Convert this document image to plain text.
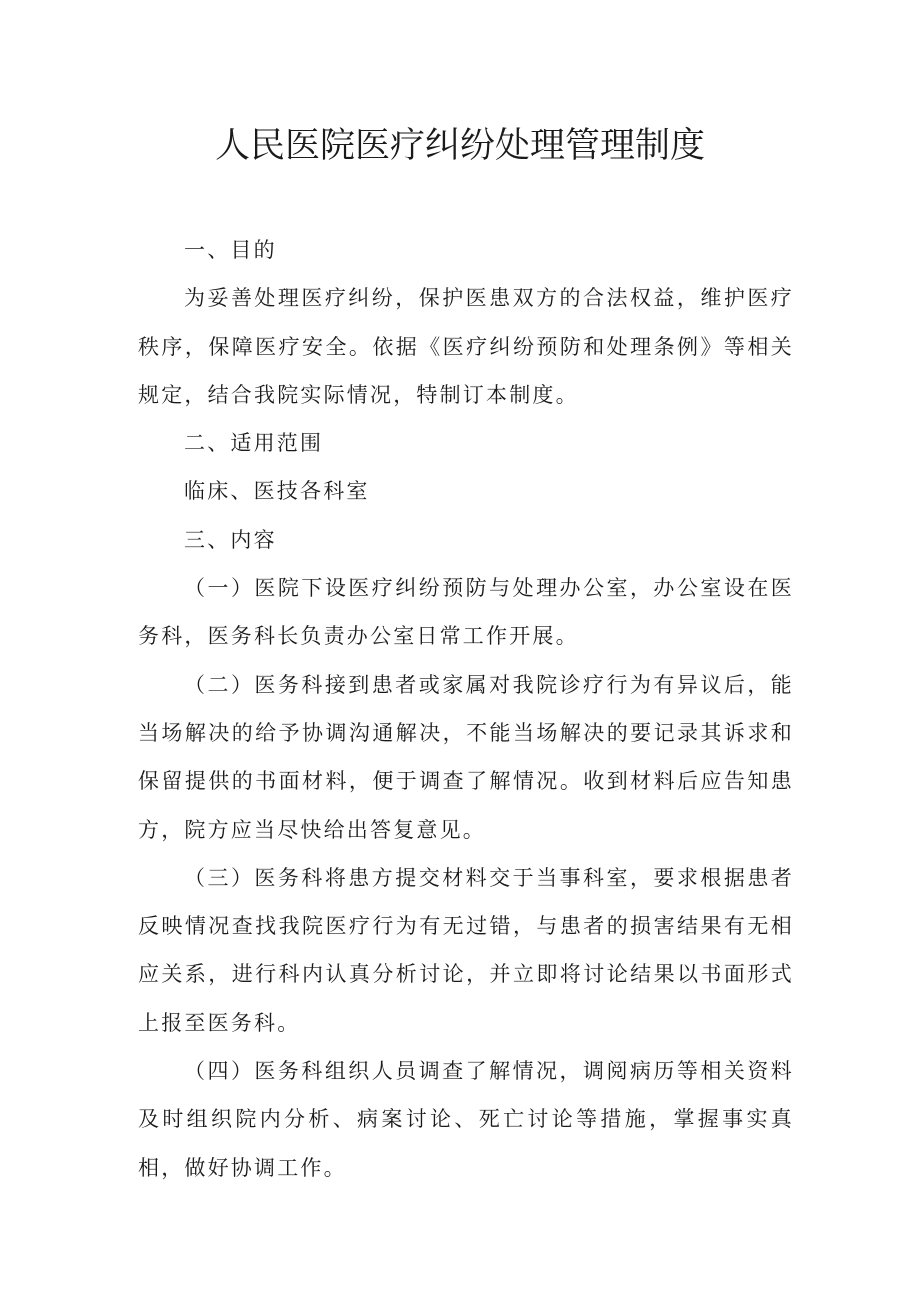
人民医院医疗纠纷处理管理制度

一、目的

为妥善处理医疗纠纷，保护医患双方的合法权益，维护医疗秩序，保障医疗安全。依据《医疗纠纷预防和处理条例》等相关规定，结合我院实际情况，特制订本制度。

二、适用范围

临床、医技各科室

三、内容

（一）医院下设医疗纠纷预防与处理办公室，办公室设在医务科，医务科长负责办公室日常工作开展。

（二）医务科接到患者或家属对我院诊疗行为有异议后，能当场解决的给予协调沟通解决，不能当场解决的要记录其诉求和保留提供的书面材料，便于调查了解情况。收到材料后应告知患方，院方应当尽快给出答复意见。

（三）医务科将患方提交材料交于当事科室，要求根据患者反映情况查找我院医疗行为有无过错，与患者的损害结果有无相应关系，进行科内认真分析讨论，并立即将讨论结果以书面形式上报至医务科。

（四）医务科组织人员调查了解情况，调阅病历等相关资料及时组织院内分析、病案讨论、死亡讨论等措施，掌握事实真相，做好协调工作。
